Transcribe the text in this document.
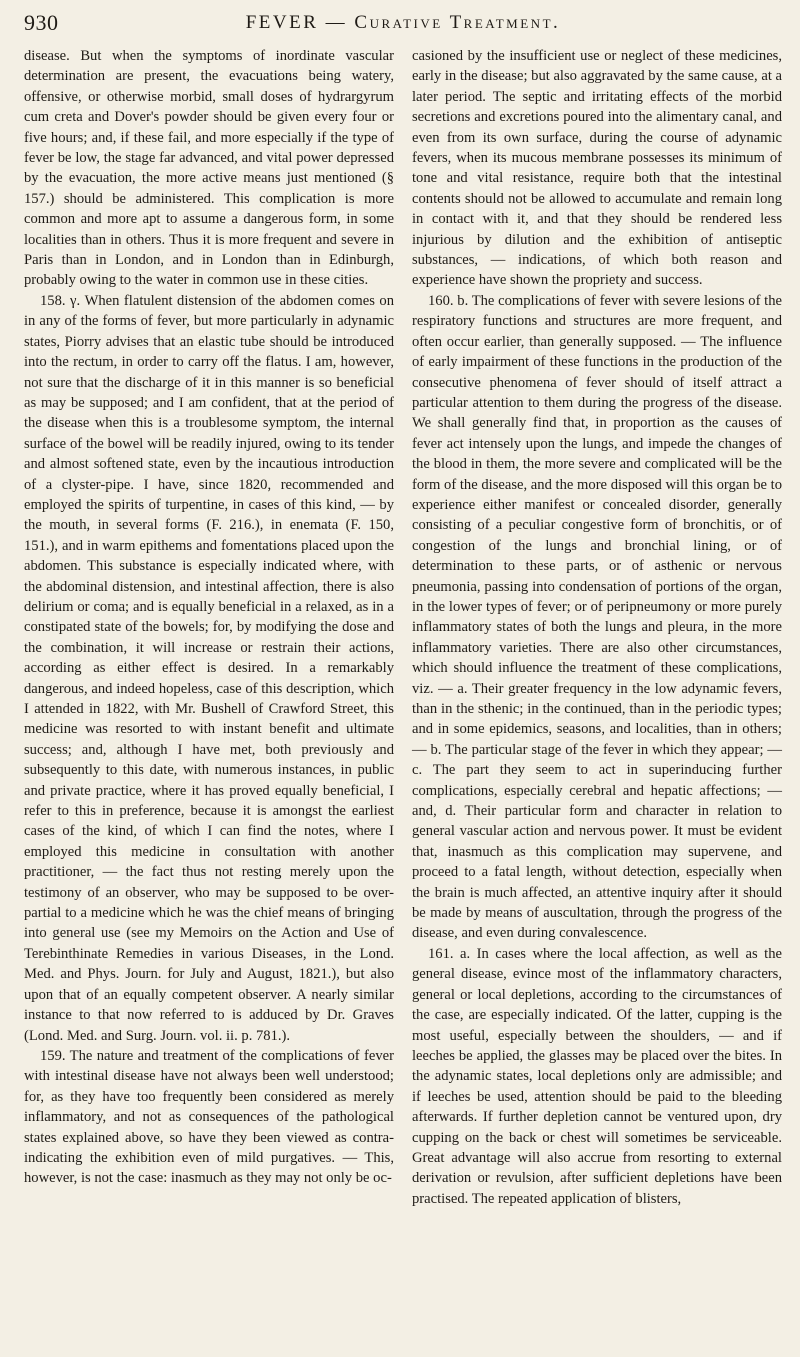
930	FEVER — Curative Treatment.

disease. But when the symptoms of inordinate vascular determination are present, the evacuations being watery, offensive, or otherwise morbid, small doses of hydrargyrum cum creta and Dover's powder should be given every four or five hours; and, if these fail, and more especially if the type of fever be low, the stage far advanced, and vital power depressed by the evacuation, the more active means just mentioned (§ 157.) should be administered. This complication is more common and more apt to assume a dangerous form, in some localities than in others. Thus it is more frequent and severe in Paris than in London, and in London than in Edinburgh, probably owing to the water in common use in these cities.

158. γ. When flatulent distension of the abdomen comes on in any of the forms of fever, but more particularly in adynamic states, Piorry advises that an elastic tube should be introduced into the rectum, in order to carry off the flatus. I am, however, not sure that the discharge of it in this manner is so beneficial as may be supposed; and I am confident, that at the period of the disease when this is a troublesome symptom, the internal surface of the bowel will be readily injured, owing to its tender and almost softened state, even by the incautious introduction of a clyster-pipe. I have, since 1820, recommended and employed the spirits of turpentine, in cases of this kind, — by the mouth, in several forms (F. 216.), in enemata (F. 150, 151.), and in warm epithems and fomentations placed upon the abdomen. This substance is especially indicated where, with the abdominal distension, and intestinal affection, there is also delirium or coma; and is equally beneficial in a relaxed, as in a constipated state of the bowels; for, by modifying the dose and the combination, it will increase or restrain their actions, according as either effect is desired. In a remarkably dangerous, and indeed hopeless, case of this description, which I attended in 1822, with Mr. Bushell of Crawford Street, this medicine was resorted to with instant benefit and ultimate success; and, although I have met, both previously and subsequently to this date, with numerous instances, in public and private practice, where it has proved equally beneficial, I refer to this in preference, because it is amongst the earliest cases of the kind, of which I can find the notes, where I employed this medicine in consultation with another practitioner, — the fact thus not resting merely upon the testimony of an observer, who may be supposed to be over-partial to a medicine which he was the chief means of bringing into general use (see my Memoirs on the Action and Use of Terebinthinate Remedies in various Diseases, in the Lond. Med. and Phys. Journ. for July and August, 1821.), but also upon that of an equally competent observer. A nearly similar instance to that now referred to is adduced by Dr. Graves (Lond. Med. and Surg. Journ. vol. ii. p. 781.).

159. The nature and treatment of the complications of fever with intestinal disease have not always been well understood; for, as they have too frequently been considered as merely inflammatory, and not as consequences of the pathological states explained above, so have they been viewed as contra-indicating the exhibition even of mild purgatives. — This, however, is not the case: inasmuch as they may not only be oc-

casioned by the insufficient use or neglect of these medicines, early in the disease; but also aggravated by the same cause, at a later period. The septic and irritating effects of the morbid secretions and excretions poured into the alimentary canal, and even from its own surface, during the course of adynamic fevers, when its mucous membrane possesses its minimum of tone and vital resistance, require both that the intestinal contents should not be allowed to accumulate and remain long in contact with it, and that they should be rendered less injurious by dilution and the exhibition of antiseptic substances, — indications, of which both reason and experience have shown the propriety and success.

160. b. The complications of fever with severe lesions of the respiratory functions and structures are more frequent, and often occur earlier, than generally supposed. — The influence of early impairment of these functions in the production of the consecutive phenomena of fever should of itself attract a particular attention to them during the progress of the disease. We shall generally find that, in proportion as the causes of fever act intensely upon the lungs, and impede the changes of the blood in them, the more severe and complicated will be the form of the disease, and the more disposed will this organ be to experience either manifest or concealed disorder, generally consisting of a peculiar congestive form of bronchitis, or of congestion of the lungs and bronchial lining, or of determination to these parts, or of asthenic or nervous pneumonia, passing into condensation of portions of the organ, in the lower types of fever; or of peripneumony or more purely inflammatory states of both the lungs and pleura, in the more inflammatory varieties. There are also other circumstances, which should influence the treatment of these complications, viz. — a. Their greater frequency in the low adynamic fevers, than in the sthenic; in the continued, than in the periodic types; and in some epidemics, seasons, and localities, than in others; — b. The particular stage of the fever in which they appear; — c. The part they seem to act in superinducing further complications, especially cerebral and hepatic affections; — and, d. Their particular form and character in relation to general vascular action and nervous power. It must be evident that, inasmuch as this complication may supervene, and proceed to a fatal length, without detection, especially when the brain is much affected, an attentive inquiry after it should be made by means of auscultation, through the progress of the disease, and even during convalescence.

161. a. In cases where the local affection, as well as the general disease, evince most of the inflammatory characters, general or local depletions, according to the circumstances of the case, are especially indicated. Of the latter, cupping is the most useful, especially between the shoulders, — and if leeches be applied, the glasses may be placed over the bites. In the adynamic states, local depletions only are admissible; and if leeches be used, attention should be paid to the bleeding afterwards. If further depletion cannot be ventured upon, dry cupping on the back or chest will sometimes be serviceable. Great advantage will also accrue from resorting to external derivation or revulsion, after sufficient depletions have been practised. The repeated application of blisters,
